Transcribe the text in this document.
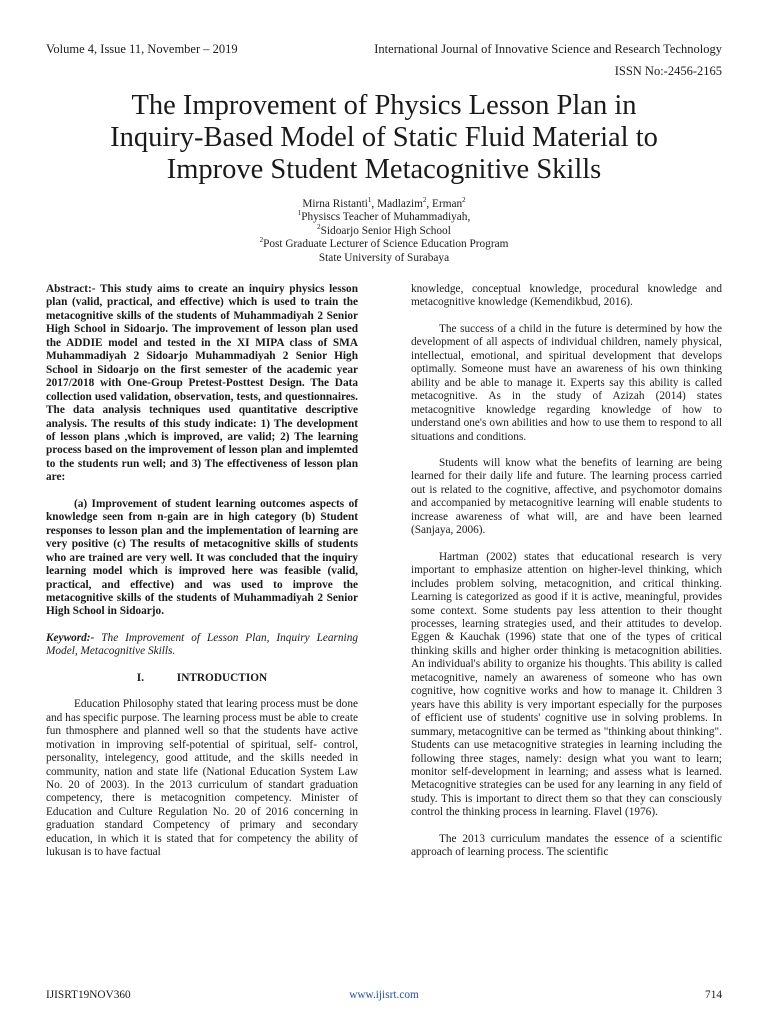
Volume 4, Issue 11, November – 2019	International Journal of Innovative Science and Research Technology
ISSN No:-2456-2165
The Improvement of Physics Lesson Plan in
Inquiry-Based Model of Static Fluid Material to
Improve Student Metacognitive Skills
Mirna Ristanti$^1$, Madlazim$^2$, Erman$^2$
$^1$Physiscs Teacher of Muhammadiyah,
$^2$Sidoarjo Senior High School
$^2$Post Graduate Lecturer of Science Education Program
State University of Surabaya

Abstract:- This study aims to create an inquiry physics lesson plan (valid, practical, and effective) which is used to train the metacognitive skills of the students of Muhammadiyah 2 Senior High School in Sidoarjo. The improvement of lesson plan used the ADDIE model and tested in the XI MIPA class of SMA Muhammadiyah 2 Sidoarjo Muhammadiyah 2 Senior High School in Sidoarjo on the first semester of the academic year 2017/2018 with One-Group Pretest-Posttest Design. The Data collection used validation, observation, tests, and questionnaires. The data analysis techniques used quantitative descriptive analysis. The results of this study indicate: 1) The development of lesson plans ,which is improved, are valid; 2) The learning process based on the improvement of lesson plan and implemted to the students run well; and 3) The effectiveness of lesson plan are:

(a) Improvement of student learning outcomes aspects of knowledge seen from n-gain are in high category (b) Student responses to lesson plan and the implementation of learning are very positive (c) The results of metacognitive skills of students who are trained are very well. It was concluded that the inquiry learning model which is improved here was feasible (valid, practical, and effective) and was used to improve the metacognitive skills of the students of Muhammadiyah 2 Senior High School in Sidoarjo.

Keyword:- The Improvement of Lesson Plan, Inquiry Learning Model, Metacognitive Skills.

I.	INTRODUCTION

Education Philosophy stated that learing process must be done and has specific purpose. The learning process must be able to create fun thmosphere and planned well so that the students have active motivation in improving self-potential of spiritual, self- control, personality, intelegency, good attitude, and the skills needed in community, nation and state life (National Education System Law No. 20 of 2003). In the 2013 curriculum of standart graduation competency, there is metacognition competency. Minister of Education and Culture Regulation No. 20 of 2016 concerning in graduation standard Competency of primary and secondary education, in which it is stated that for competency the ability of lukusan is to have factual

knowledge, conceptual knowledge, procedural knowledge and metacognitive knowledge (Kemendikbud, 2016).

The success of a child in the future is determined by how the development of all aspects of individual children, namely physical, intellectual, emotional, and spiritual development that develops optimally. Someone must have an awareness of his own thinking ability and be able to manage it. Experts say this ability is called metacognitive. As in the study of Azizah (2014) states metacognitive knowledge regarding knowledge of how to understand one's own abilities and how to use them to respond to all situations and conditions.

Students will know what the benefits of learning are being learned for their daily life and future. The learning process carried out is related to the cognitive, affective, and psychomotor domains and accompanied by metacognitive learning will enable students to increase awareness of what will, are and have been learned (Sanjaya, 2006).

Hartman (2002) states that educational research is very important to emphasize attention on higher-level thinking, which includes problem solving, metacognition, and critical thinking. Learning is categorized as good if it is active, meaningful, provides some context. Some students pay less attention to their thought processes, learning strategies used, and their attitudes to develop. Eggen & Kauchak (1996) state that one of the types of critical thinking skills and higher order thinking is metacognition abilities. An individual's ability to organize his thoughts. This ability is called metacognitive, namely an awareness of someone who has own cognitive, how cognitive works and how to manage it. Children 3 years have this ability is very important especially for the purposes of efficient use of students' cognitive use in solving problems. In summary, metacognitive can be termed as "thinking about thinking". Students can use metacognitive strategies in learning including the following three stages, namely: design what you want to learn; monitor self-development in learning; and assess what is learned. Metacognitive strategies can be used for any learning in any field of study. This is important to direct them so that they can consciously control the thinking process in learning. Flavel (1976).

The 2013 curriculum mandates the essence of a scientific approach of learning process. The scientific

IJISRT19NOV360	www.ijisrt.com	714
